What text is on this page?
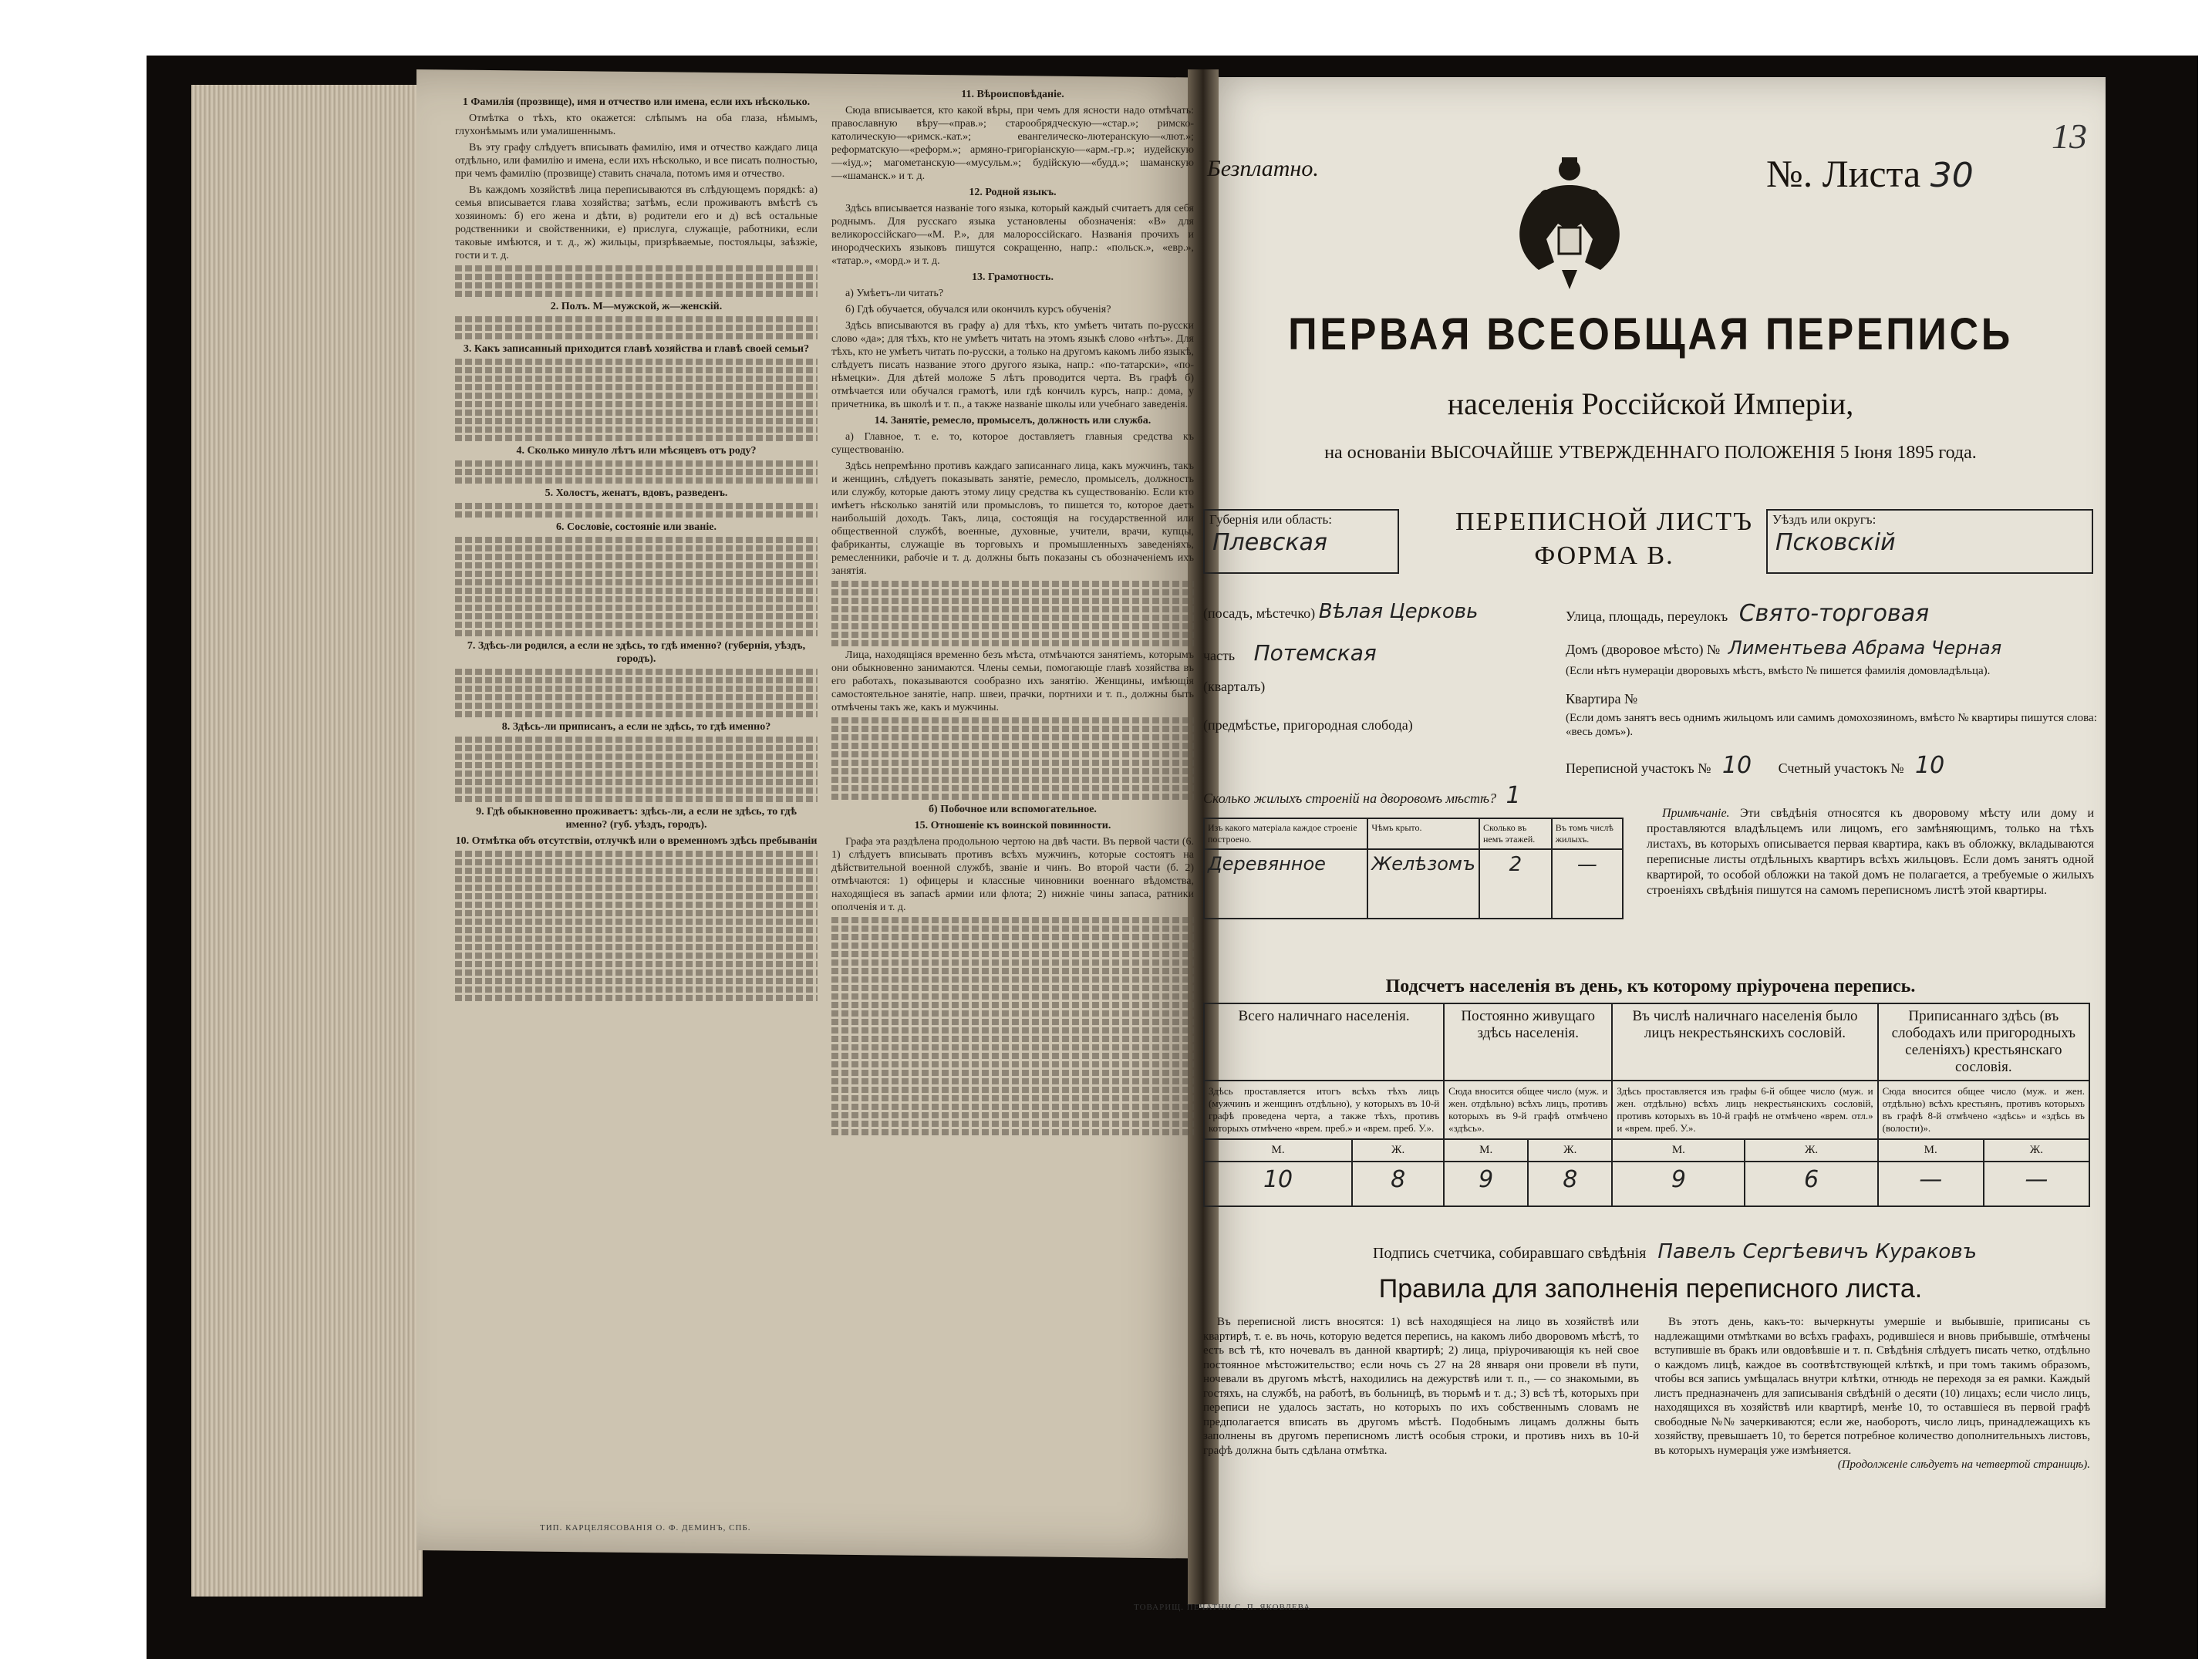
1 Фамилія (прозвище), имя и отчество или имена, если ихъ нѣсколько.

Отмѣтка о тѣхъ, кто окажется: слѣпымъ на оба глаза, нѣмымъ, глухонѣмымъ или умалишеннымъ.

Въ эту графу слѣдуетъ вписывать фамилію, имя и отчество каждаго лица отдѣльно, или фамилію и имена, если ихъ нѣсколько, и все писать полностью, при чемъ фамилію (прозвище) ставить сначала, потомъ имя и отчество.

Въ каждомъ хозяйствѣ лица переписываются въ слѣдующемъ порядкѣ: а) семья вписывается глава хозяйства; затѣмъ, если проживаютъ вмѣстѣ съ хозяиномъ: б) его жена и дѣти, в) родители его и д) всѣ остальные родственники и свойственники, е) прислуга, служащіе, работники, если таковые имѣются, и т. д., ж) жильцы, призрѣваемые, постояльцы, заѣзжіе, гости и т. д.

2. Полъ. М—мужской, ж—женскій.

3. Какъ записанный приходится главѣ хозяйства и главѣ своей семьи?

4. Сколько минуло лѣтъ или мѣсяцевъ отъ роду?

5. Холостъ, женатъ, вдовъ, разведенъ.

6. Сословіе, состояніе или званіе.

7. Здѣсь-ли родился, а если не здѣсь, то гдѣ именно? (губернія, уѣздъ, городъ).

8. Здѣсь-ли приписанъ, а если не здѣсь, то гдѣ именно?

9. Гдѣ обыкновенно проживаетъ: здѣсь-ли, а если не здѣсь, то гдѣ именно? (губ. уѣздъ, городъ).

10. Отмѣтка объ отсутствіи, отлучкѣ или о временномъ здѣсь пребываніи

ТИП. КАРЦЕЛЯСОВАНІЯ О. Ф. ДЕМИНЪ, СПБ.

11. Вѣроисповѣданіе.

Сюда вписывается, кто какой вѣры, при чемъ для ясности надо отмѣчать: православную вѣру—«прав.»; старообрядческую—«стар.»; римско-католическую—«римск.-кат.»; евангелическо-лютеранскую—«лют.»; реформатскую—«реформ.»; армяно-григоріанскую—«арм.-гр.»; иудейскую—«іуд.»; магометанскую—«мусульм.»; будійскую—«будд.»; шаманскую—«шаманск.» и т. д.

12. Родной языкъ.

Здѣсь вписывается названіе того языка, который каждый считаетъ для себя роднымъ. Для русскаго языка установлены обозначенія: «В» для великороссійскаго—«М. Р.», для малороссійскаго. Названія прочихъ и инородческихъ языковъ пишутся сокращенно, напр.: «польск.», «евр.», «татар.», «морд.» и т. д.

13. Грамотность.

а) Умѣетъ-ли читать?

б) Гдѣ обучается, обучался или окончилъ курсъ обученія?

Здѣсь вписываются въ графу а) для тѣхъ, кто умѣетъ читать по-русски слово «да»; для тѣхъ, кто не умѣетъ читать на этомъ языкѣ слово «нѣтъ». Для тѣхъ, кто не умѣетъ читать по-русски, а только на другомъ какомъ либо языкѣ, слѣдуетъ писать название этого другого языка, напр.: «по-татарски», «по-нѣмецки». Для дѣтей моложе 5 лѣтъ проводится черта. Въ графѣ б) отмѣчается или обучался грамотѣ, или гдѣ кончилъ курсъ, напр.: дома, у причетника, въ школѣ и т. п., а также названіе школы или учебнаго заведенія.

14. Занятіе, ремесло, промыселъ, должность или служба.

а) Главное, т. е. то, которое доставляетъ главныя средства къ существованію.

Здѣсь непремѣнно противъ каждаго записаннаго лица, какъ мужчинъ, такъ и женщинъ, слѣдуетъ показывать занятіе, ремесло, промыселъ, должность или службу, которые даютъ этому лицу средства къ существованію. Если кто имѣетъ нѣсколько занятій или промысловъ, то пишется то, которое даетъ наибольшій доходъ. Такъ, лица, состоящія на государственной или общественной службѣ, военные, духовные, учители, врачи, купцы, фабриканты, служащіе въ торговыхъ и промышленныхъ заведеніяхъ, ремесленники, рабочіе и т. д. должны быть показаны съ обозначеніемъ ихъ занятія.

Лица, находящіяся временно безъ мѣста, отмѣчаются занятіемъ, которымъ они обыкновенно занимаются. Члены семьи, помогающіе главѣ хозяйства въ его работахъ, показываются сообразно ихъ занятію. Женщины, имѣющія самостоятельное занятіе, напр. швеи, прачки, портнихи и т. п., должны быть отмѣчены такъ же, какъ и мужчины.

б) Побочное или вспомогательное.

15. Отношеніе къ воинской повинности.

Графа эта раздѣлена продольною чертою на двѣ части. Въ первой части (6. 1) слѣдуетъ вписывать противъ всѣхъ мужчинъ, которые состоятъ на дѣйствительной военной службѣ, званіе и чинъ. Во второй части (б. 2) отмѣчаются: 1) офицеры и классные чиновники военнаго вѣдомства, находящіеся въ запасѣ армии или флота; 2) нижніе чины запаса, ратники ополченія и т. д.

ТОВАРИЩ. ПЕЧАТНИ С. П. ЯКОВЛЕВА
Безплатно.	№. Листа 30
13
ПЕРВАЯ ВСЕОБЩАЯ ПЕРЕПИСЬ
населенія Россійской Имперіи,
на основаніи ВЫСОЧАЙШЕ УТВЕРЖДЕННАГО ПОЛОЖЕНІЯ 5 Іюня 1895 года.
Губернія или область:
Плевская
ПЕРЕПИСНОЙ ЛИСТЪ
ФОРМА В.
Уѣздъ или округъ:
Псковскій
(посадъ, мѣстечко) Вѣлая Церковь
часть Потемская
(кварталъ)
(предмѣстье, пригородная слобода)
Улица, площадь, переулокъ Свято-торговая
Домъ (дворовое мѣсто) № Лиментьева Абрама Черная
(Если нѣтъ нумераціи дворовыхъ мѣстъ, вмѣсто № пишется фамилія домовладѣльца).
Квартира №
(Если домъ занятъ весь однимъ жильцомъ или самимъ домохозяиномъ, вмѣсто № квартиры пишутся слова: «весь домъ»).
Переписной участокъ № 10 Счетный участокъ № 10
Сколько жилыхъ строеній на дворовомъ мѣстѣ? 1
Изъ какого матеріала каждое строеніе построено.	Чѣмъ крыто.	Сколько въ немъ этажей.	Въ томъ числѣ жилыхъ.
Деревянное	Желѣзомъ	2	—

Примѣчаніе. Эти свѣдѣнія относятся къ дворовому мѣсту или дому и проставляются владѣльцемъ или лицомъ, его замѣняющимъ, только на тѣхъ листахъ, въ которыхъ описывается первая квартира, какъ въ обложку, вкладываются переписные листы отдѣльныхъ квартиръ всѣхъ жильцовъ. Если домъ занятъ одной квартирой, то особой обложки на такой домъ не полагается, а требуемые о жилыхъ строеніяхъ свѣдѣнія пишутся на самомъ переписномъ листѣ этой квартиры.

Подсчетъ населенія въ день, къ которому пріурочена перепись.
Всего наличнаго населенія.		Постоянно живущаго здѣсь населенія.		Въ числѣ наличнаго населенія было лицъ некрестьянскихъ сословій.		Приписаннаго здѣсь (въ слободахъ или пригородныхъ селеніяхъ) крестьянскаго сословія.	
Здѣсь проставляется итогъ всѣхъ тѣхъ лицъ (мужчинъ и женщинъ отдѣльно), у которыхъ въ 10-й графѣ проведена черта, а также тѣхъ, противъ которыхъ отмѣчено «врем. преб.» и «врем. преб. У.».		Сюда вносится общее число (муж. и жен. отдѣльно) всѣхъ лицъ, противъ которыхъ въ 9-й графѣ отмѣчено «здѣсь».		Здѣсь проставляется изъ графы 6-й общее число (муж. и жен. отдѣльно) всѣхъ лицъ некрестьянскихъ сословій, противъ которыхъ въ 10-й графѣ не отмѣчено «врем. отл.» и «врем. преб. У.».		Сюда вносится общее число (муж. и жен. отдѣльно) всѣхъ крестьянъ, противъ которыхъ въ графѣ 8-й отмѣчено «здѣсь» и «здѣсь въ (волости)».	
М.	Ж.	М.	Ж.	М.	Ж.	М.	Ж.
10	8	9	8	9	6	—	—
Подпись счетчика, собиравшаго свѣдѣнія Павелъ Сергѣевичъ Кураковъ
Правила для заполненія переписного листа.

Въ переписной листъ вносятся: 1) всѣ находящіеся на лицо въ хозяйствѣ или квартирѣ, т. е. въ ночь, которую ведется перепись, на какомъ либо дворовомъ мѣстѣ, то есть всѣ тѣ, кто ночевалъ въ данной квартирѣ; 2) лица, пріурочивающія къ ней свое постоянное мѣстожительство; если ночь съ 27 на 28 января они провели вѣ пути, ночевали въ другомъ мѣстѣ, находились на дежурствѣ или т. п., — со знакомыми, въ гостяхъ, на службѣ, на работѣ, въ больницѣ, въ тюрьмѣ и т. д.; 3) всѣ тѣ, которыхъ при переписи не удалось застать, но которыхъ по ихъ собственнымъ словамъ не предполагается вписать въ другомъ мѣстѣ. Подобнымъ лицамъ должны быть заполнены въ другомъ переписномъ листѣ особыя строки, и противъ нихъ въ 10-й графѣ должна быть сдѣлана отмѣтка.

Въ этотъ день, какъ-то: вычеркнуты умершіе и выбывшіе, приписаны съ надлежащими отмѣтками во всѣхъ графахъ, родившіеся и вновь прибывшіе, отмѣчены вступившіе въ бракъ или овдовѣвшіе и т. п. Свѣдѣнія слѣдуетъ писать четко, отдѣльно о каждомъ лицѣ, каждое въ соотвѣтствующей клѣткѣ, и при томъ такимъ образомъ, чтобы вся запись умѣщалась внутри клѣтки, отнюдь не переходя за ея рамки. Каждый листъ предназначенъ для записыванія свѣдѣній о десяти (10) лицахъ; если число лицъ, находящихся въ хозяйствѣ или квартирѣ, менѣе 10, то оставшіеся въ первой графѣ свободные №№ зачеркиваются; если же, наоборотъ, число лицъ, принадлежащихъ къ хозяйству, превышаетъ 10, то берется потребное количество дополнительныхъ листовъ, въ которыхъ нумерація уже измѣняется.

(Продолженіе слѣдуетъ на четвертой страницѣ).
